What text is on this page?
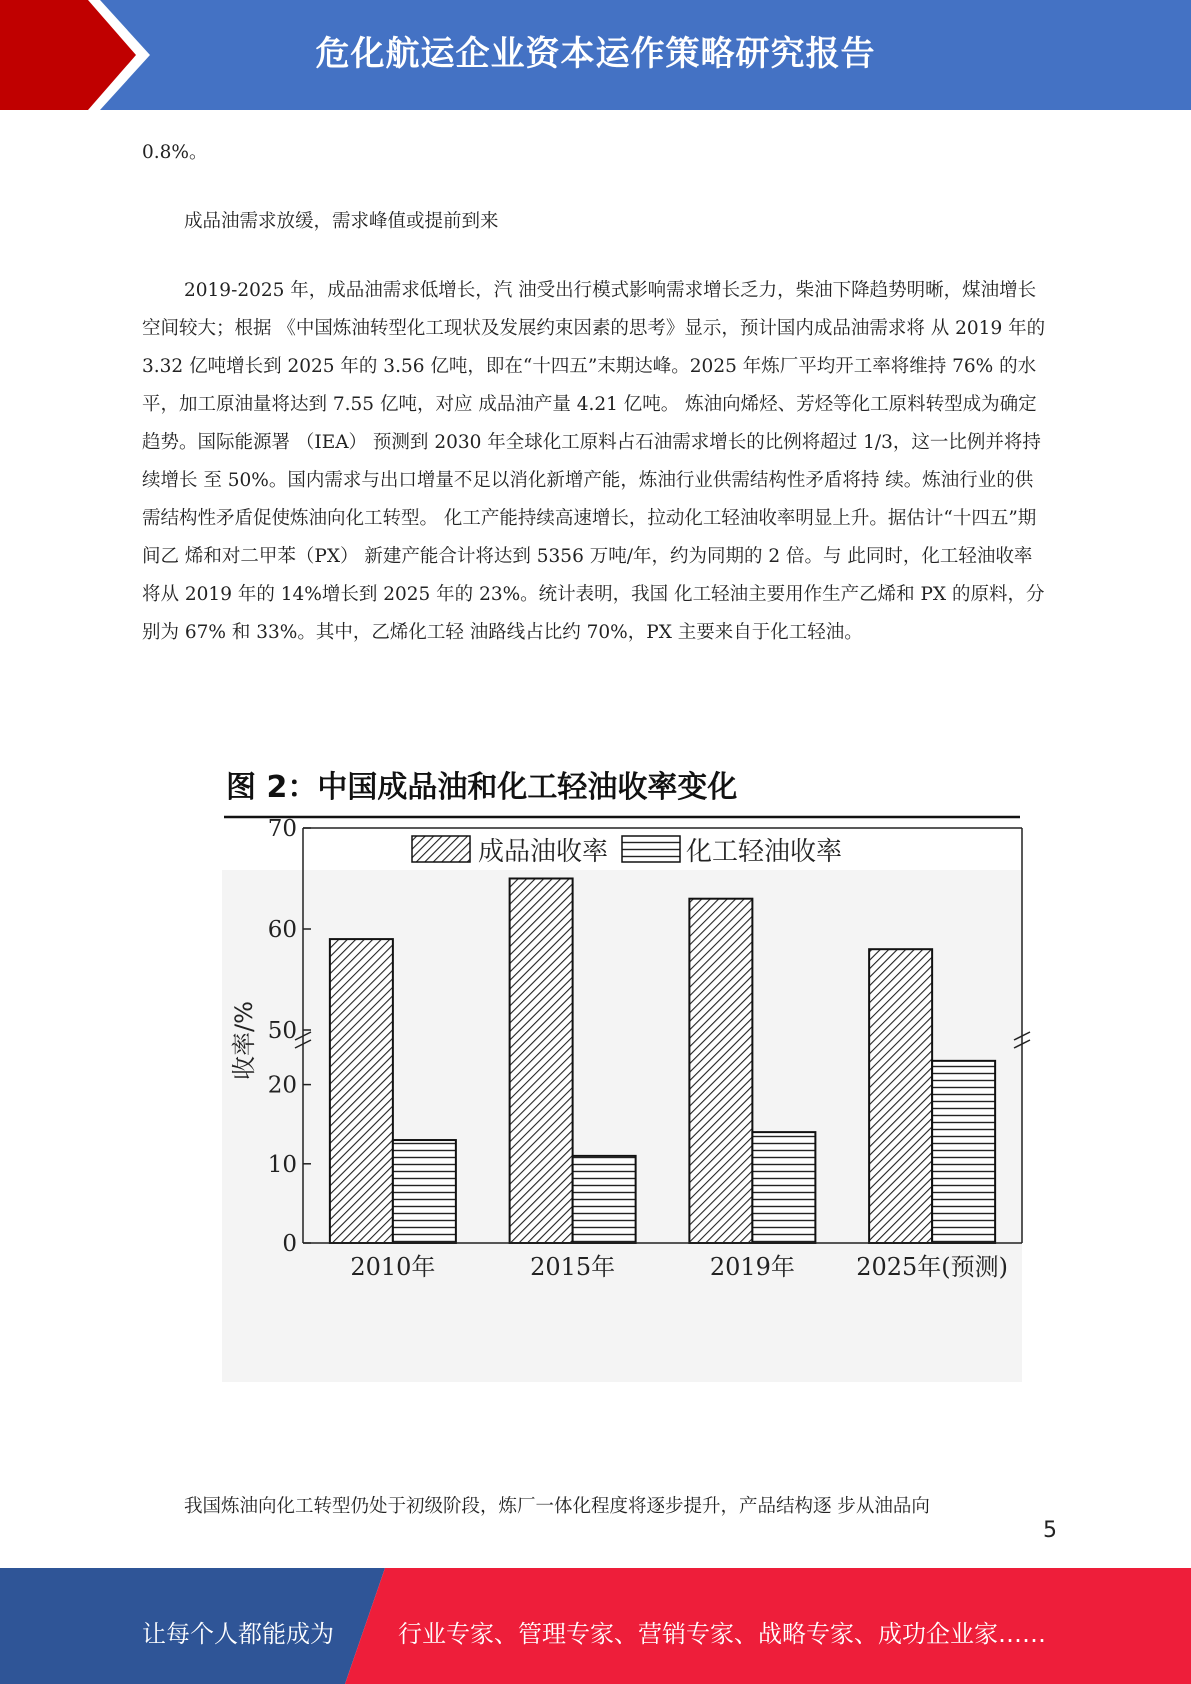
危化航运企业资本运作策略研究报告
0.8%。
成品油需求放缓，需求峰值或提前到来
2019-2025 年，成品油需求低增长，汽 油受出行模式影响需求增长乏力，柴油下降趋势明晰，煤油增长空间较大；根据 《中国炼油转型化工现状及发展约束因素的思考》显示，预计国内成品油需求将 从 2019 年的 3.32 亿吨增长到 2025 年的 3.56 亿吨，即在“十四五”末期达峰。2025 年炼厂平均开工率将维持 76% 的水平，加工原油量将达到 7.55 亿吨，对应 成品油产量 4.21 亿吨。 炼油向烯烃、芳烃等化工原料转型成为确定趋势。国际能源署 （IEA） 预测到 2030 年全球化工原料占石油需求增长的比例将超过 1/3，这一比例并将持续增长 至 50%。国内需求与出口增量不足以消化新增产能，炼油行业供需结构性矛盾将持 续。炼油行业的供需结构性矛盾促使炼油向化工转型。 化工产能持续高速增长，拉动化工轻油收率明显上升。据估计“十四五”期间乙 烯和对二甲苯（PX） 新建产能合计将达到 5356 万吨/年，约为同期的 2 倍。与 此同时，化工轻油收率将从 2019 年的 14%增长到 2025 年的 23%。统计表明，我国 化工轻油主要用作生产乙烯和 PX 的原料，分别为 67% 和 33%。其中，乙烯化工轻 油路线占比约 70%，PX 主要来自于化工轻油。
图 2：中国成品油和化工轻油收率变化
2010年	2015年	2019年	2025年(预测)
0
10
20
50
60
70
收率/%
成品油收率	化工轻油收率
我国炼油向化工转型仍处于初级阶段，炼厂一体化程度将逐步提升，产品结构逐 步从油品向
5
让每个人都能成为	行业专家、管理专家、营销专家、战略专家、成功企业家……
